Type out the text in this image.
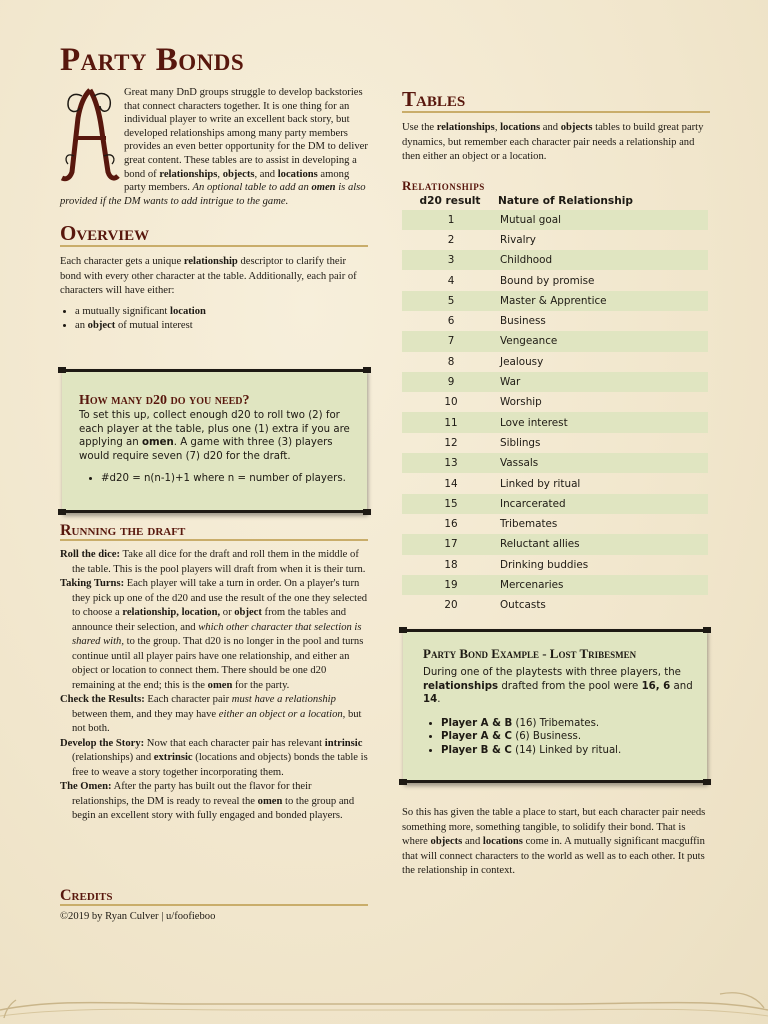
Party Bonds
Great many DnD groups struggle to develop backstories that connect characters together. It is one thing for an individual player to write an excellent back story, but developed relationships among many party members provides an even better opportunity for the DM to deliver great content. These tables are to assist in developing a bond of relationships, objects, and locations among party members. An optional table to add an omen is also provided if the DM wants to add intrigue to the game.
Overview

Each character gets a unique relationship descriptor to clarify their bond with every other character at the table. Additionally, each pair of characters will have either:

• a mutually significant location
• an object of mutual interest
How many d20 do you need?

To set this up, collect enough d20 to roll two (2) for each player at the table, plus one (1) extra if you are applying an omen. A game with three (3) players would require seven (7) d20 for the draft.

• #d20 = n(n-1)+1 where n = number of players.
Running the draft

Roll the dice: Take all dice for the draft and roll them in the middle of the table. This is the pool players will draft from when it is their turn.

Taking Turns: Each player will take a turn in order. On a player's turn they pick up one of the d20 and use the result of the one they selected to choose a relationship, location, or object from the tables and announce their selection, and which other character that selection is shared with, to the group. That d20 is no longer in the pool and turns continue until all player pairs have one relationship, and either an object or location to connect them. There should be one d20 remaining at the end; this is the omen for the party.

Check the Results: Each character pair must have a relationship between them, and they may have either an object or a location, but not both.

Develop the Story: Now that each character pair has relevant intrinsic (relationships) and extrinsic (locations and objects) bonds the table is free to weave a story together incorporating them.

The Omen: After the party has built out the flavor for their relationships, the DM is ready to reveal the omen to the group and begin an excellent story with fully engaged and bonded players.

Credits

©2019 by Ryan Culver | u/foofieboo

Tables

Use the relationships, locations and objects tables to build great party dynamics, but remember each character pair needs a relationship and then either an object or a location.

Relationships
d20 result	Nature of Relationship
1	Mutual goal
2	Rivalry
3	Childhood
4	Bound by promise
5	Master & Apprentice
6	Business
7	Vengeance
8	Jealousy
9	War
10	Worship
11	Love interest
12	Siblings
13	Vassals
14	Linked by ritual
15	Incarcerated
16	Tribemates
17	Reluctant allies
18	Drinking buddies
19	Mercenaries
20	Outcasts
Party Bond Example - Lost Tribesmen

During one of the playtests with three players, the relationships drafted from the pool were 16, 6 and 14.

• Player A & B (16) Tribemates.
• Player A & C (6) Business.
• Player B & C (14) Linked by ritual.

So this has given the table a place to start, but each character pair needs something more, something tangible, to solidify their bond. That is where objects and locations come in. A mutually significant macguffin that will connect characters to the world as well as to each other. It puts the relationship in context.
